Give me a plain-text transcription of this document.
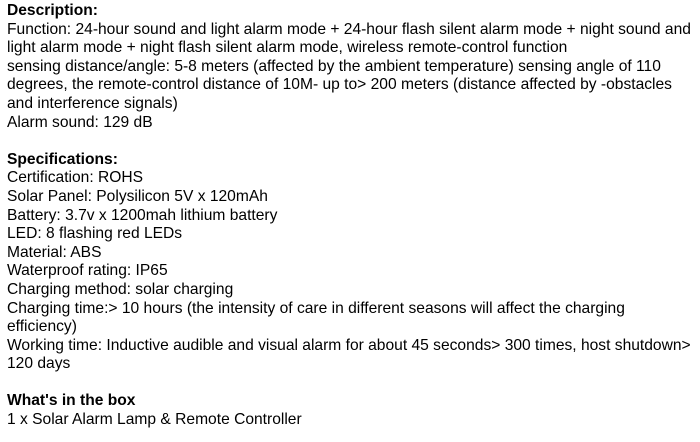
Description:
Function: 24-hour sound and light alarm mode + 24-hour flash silent alarm mode + night sound and light alarm mode + night flash silent alarm mode, wireless remote-control function
sensing distance/angle: 5-8 meters (affected by the ambient temperature) sensing angle of 110 degrees, the remote-control distance of 10M- up to> 200 meters (distance affected by -obstacles and interference signals)
Alarm sound: 129 dB
Specifications:
Certification: ROHS
Solar Panel: Polysilicon 5V x 120mAh
Battery: 3.7v x 1200mah lithium battery
LED: 8 flashing red LEDs
Material: ABS
Waterproof rating: IP65
Charging method: solar charging
Charging time:> 10 hours (the intensity of care in different seasons will affect the charging efficiency)
Working time: Inductive audible and visual alarm for about 45 seconds> 300 times, host shutdown> 120 days
What's in the box
1 x Solar Alarm Lamp & Remote Controller
